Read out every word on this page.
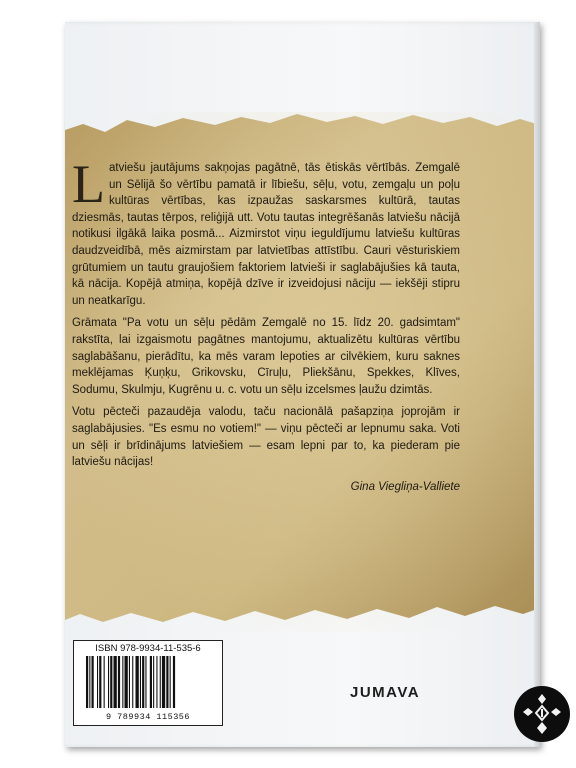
Latviešu jautājums sakņojas pagātnē, tās ētiskās vērtībās. Zemgalē un Sēlijā šo vērtību pamatā ir lībiešu, sēļu, votu, zemgaļu un poļu kultūras vērtības, kas izpaužas saskarsmes kultūrā, tautas dziesmās, tautas tērpos, reliģijā utt. Votu tautas integrēšanās latviešu nācijā notikusi ilgākā laika posmā... Aizmirstot viņu ieguldījumu latviešu kultūras daudzveidībā, mēs aizmirstam par latvietības attīstību. Cauri vēsturiskiem grūtumiem un tautu graujošiem faktoriem latvieši ir saglabājušies kā tauta, kā nācija. Kopējā atmiņa, kopējā dzīve ir izveidojusi nāciju — iekšēji stipru un neatkarīgu.

Grāmata "Pa votu un sēļu pēdām Zemgalē no 15. līdz 20. gadsimtam" rakstīta, lai izgaismotu pagātnes mantojumu, aktualizētu kultūras vērtību saglabāšanu, pierādītu, ka mēs varam lepoties ar cilvēkiem, kuru saknes meklējamas Ķuņķu, Grikovsku, Cīruļu, Pliekšānu, Spekkes, Klīves, Sodumu, Skulmju, Kugrēnu u. c. votu un sēļu izcelsmes ļaužu dzimtās.

Votu pēcteči pazaudēja valodu, taču nacionālā pašapziņa joprojām ir saglabājusies. "Es esmu no votiem!" — viņu pēcteči ar lepnumu saka. Voti un sēļi ir brīdinājums latviešiem — esam lepni par to, ka piederam pie latviešu nācijas!

Gina Viegliņa-Valliete
ISBN 978-9934-11-535-6
9 789934 115356
JUMAVA
